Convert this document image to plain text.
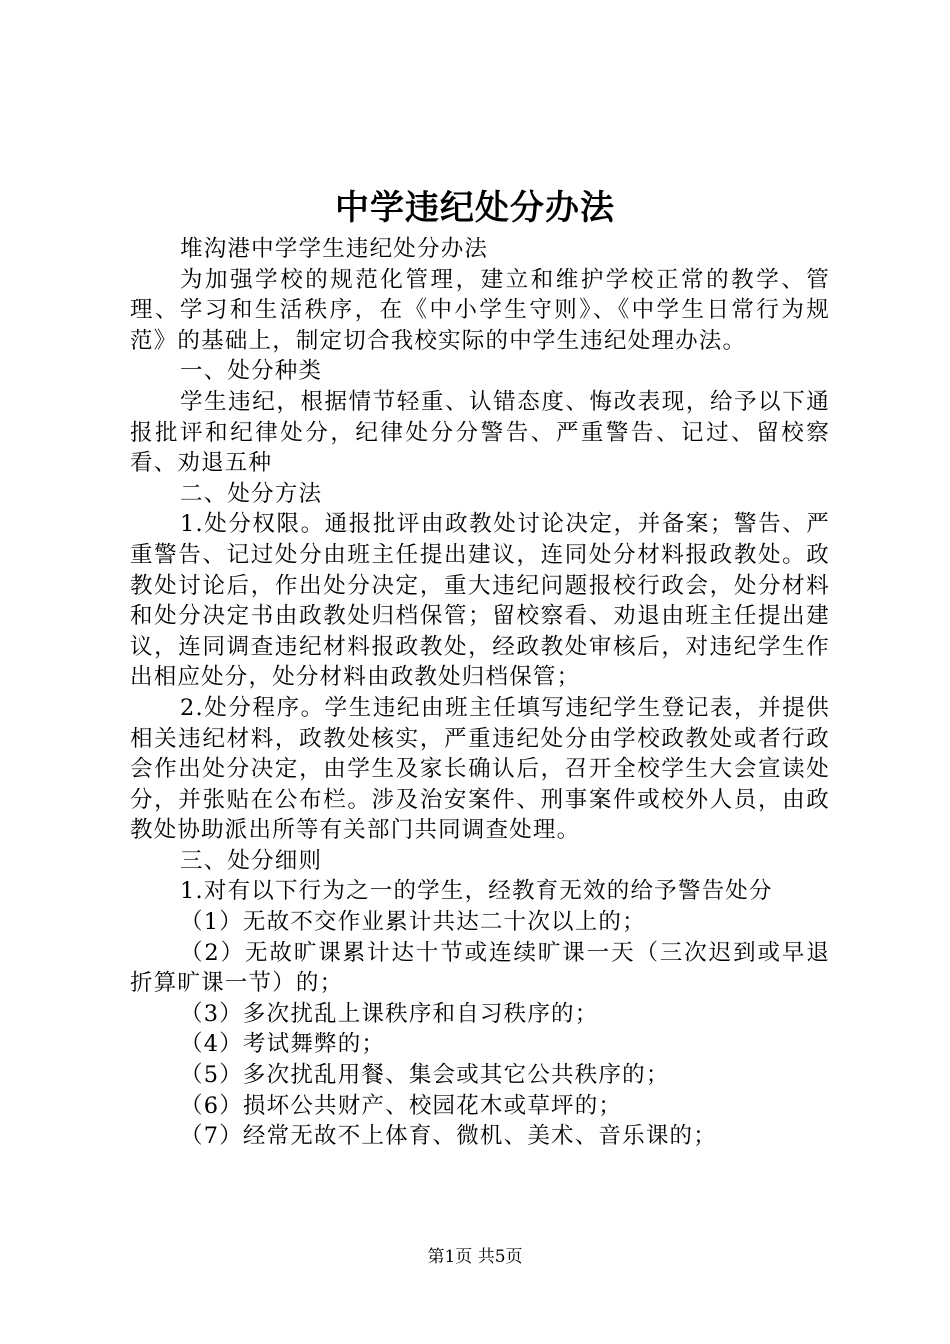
中学违纪处分办法

堆沟港中学学生违纪处分办法

为加强学校的规范化管理，建立和维护学校正常的教学、管理、学习和生活秩序，在《中小学生守则》、《中学生日常行为规范》的基础上，制定切合我校实际的中学生违纪处理办法。

一、处分种类

学生违纪，根据情节轻重、认错态度、悔改表现，给予以下通报批评和纪律处分，纪律处分分警告、严重警告、记过、留校察看、劝退五种

二、处分方法

1.处分权限。通报批评由政教处讨论决定，并备案；警告、严重警告、记过处分由班主任提出建议，连同处分材料报政教处。政教处讨论后，作出处分决定，重大违纪问题报校行政会，处分材料和处分决定书由政教处归档保管；留校察看、劝退由班主任提出建议，连同调查违纪材料报政教处，经政教处审核后，对违纪学生作出相应处分，处分材料由政教处归档保管；

2.处分程序。学生违纪由班主任填写违纪学生登记表，并提供相关违纪材料，政教处核实，严重违纪处分由学校政教处或者行政会作出处分决定，由学生及家长确认后，召开全校学生大会宣读处分，并张贴在公布栏。涉及治安案件、刑事案件或校外人员，由政教处协助派出所等有关部门共同调查处理。

三、处分细则

1.对有以下行为之一的学生，经教育无效的给予警告处分

（1）无故不交作业累计共达二十次以上的；

（2）无故旷课累计达十节或连续旷课一天（三次迟到或早退折算旷课一节）的；

（3）多次扰乱上课秩序和自习秩序的；

（4）考试舞弊的；

（5）多次扰乱用餐、集会或其它公共秩序的；

（6）损坏公共财产、校园花木或草坪的；

（7）经常无故不上体育、微机、美术、音乐课的；

第1页 共5页
